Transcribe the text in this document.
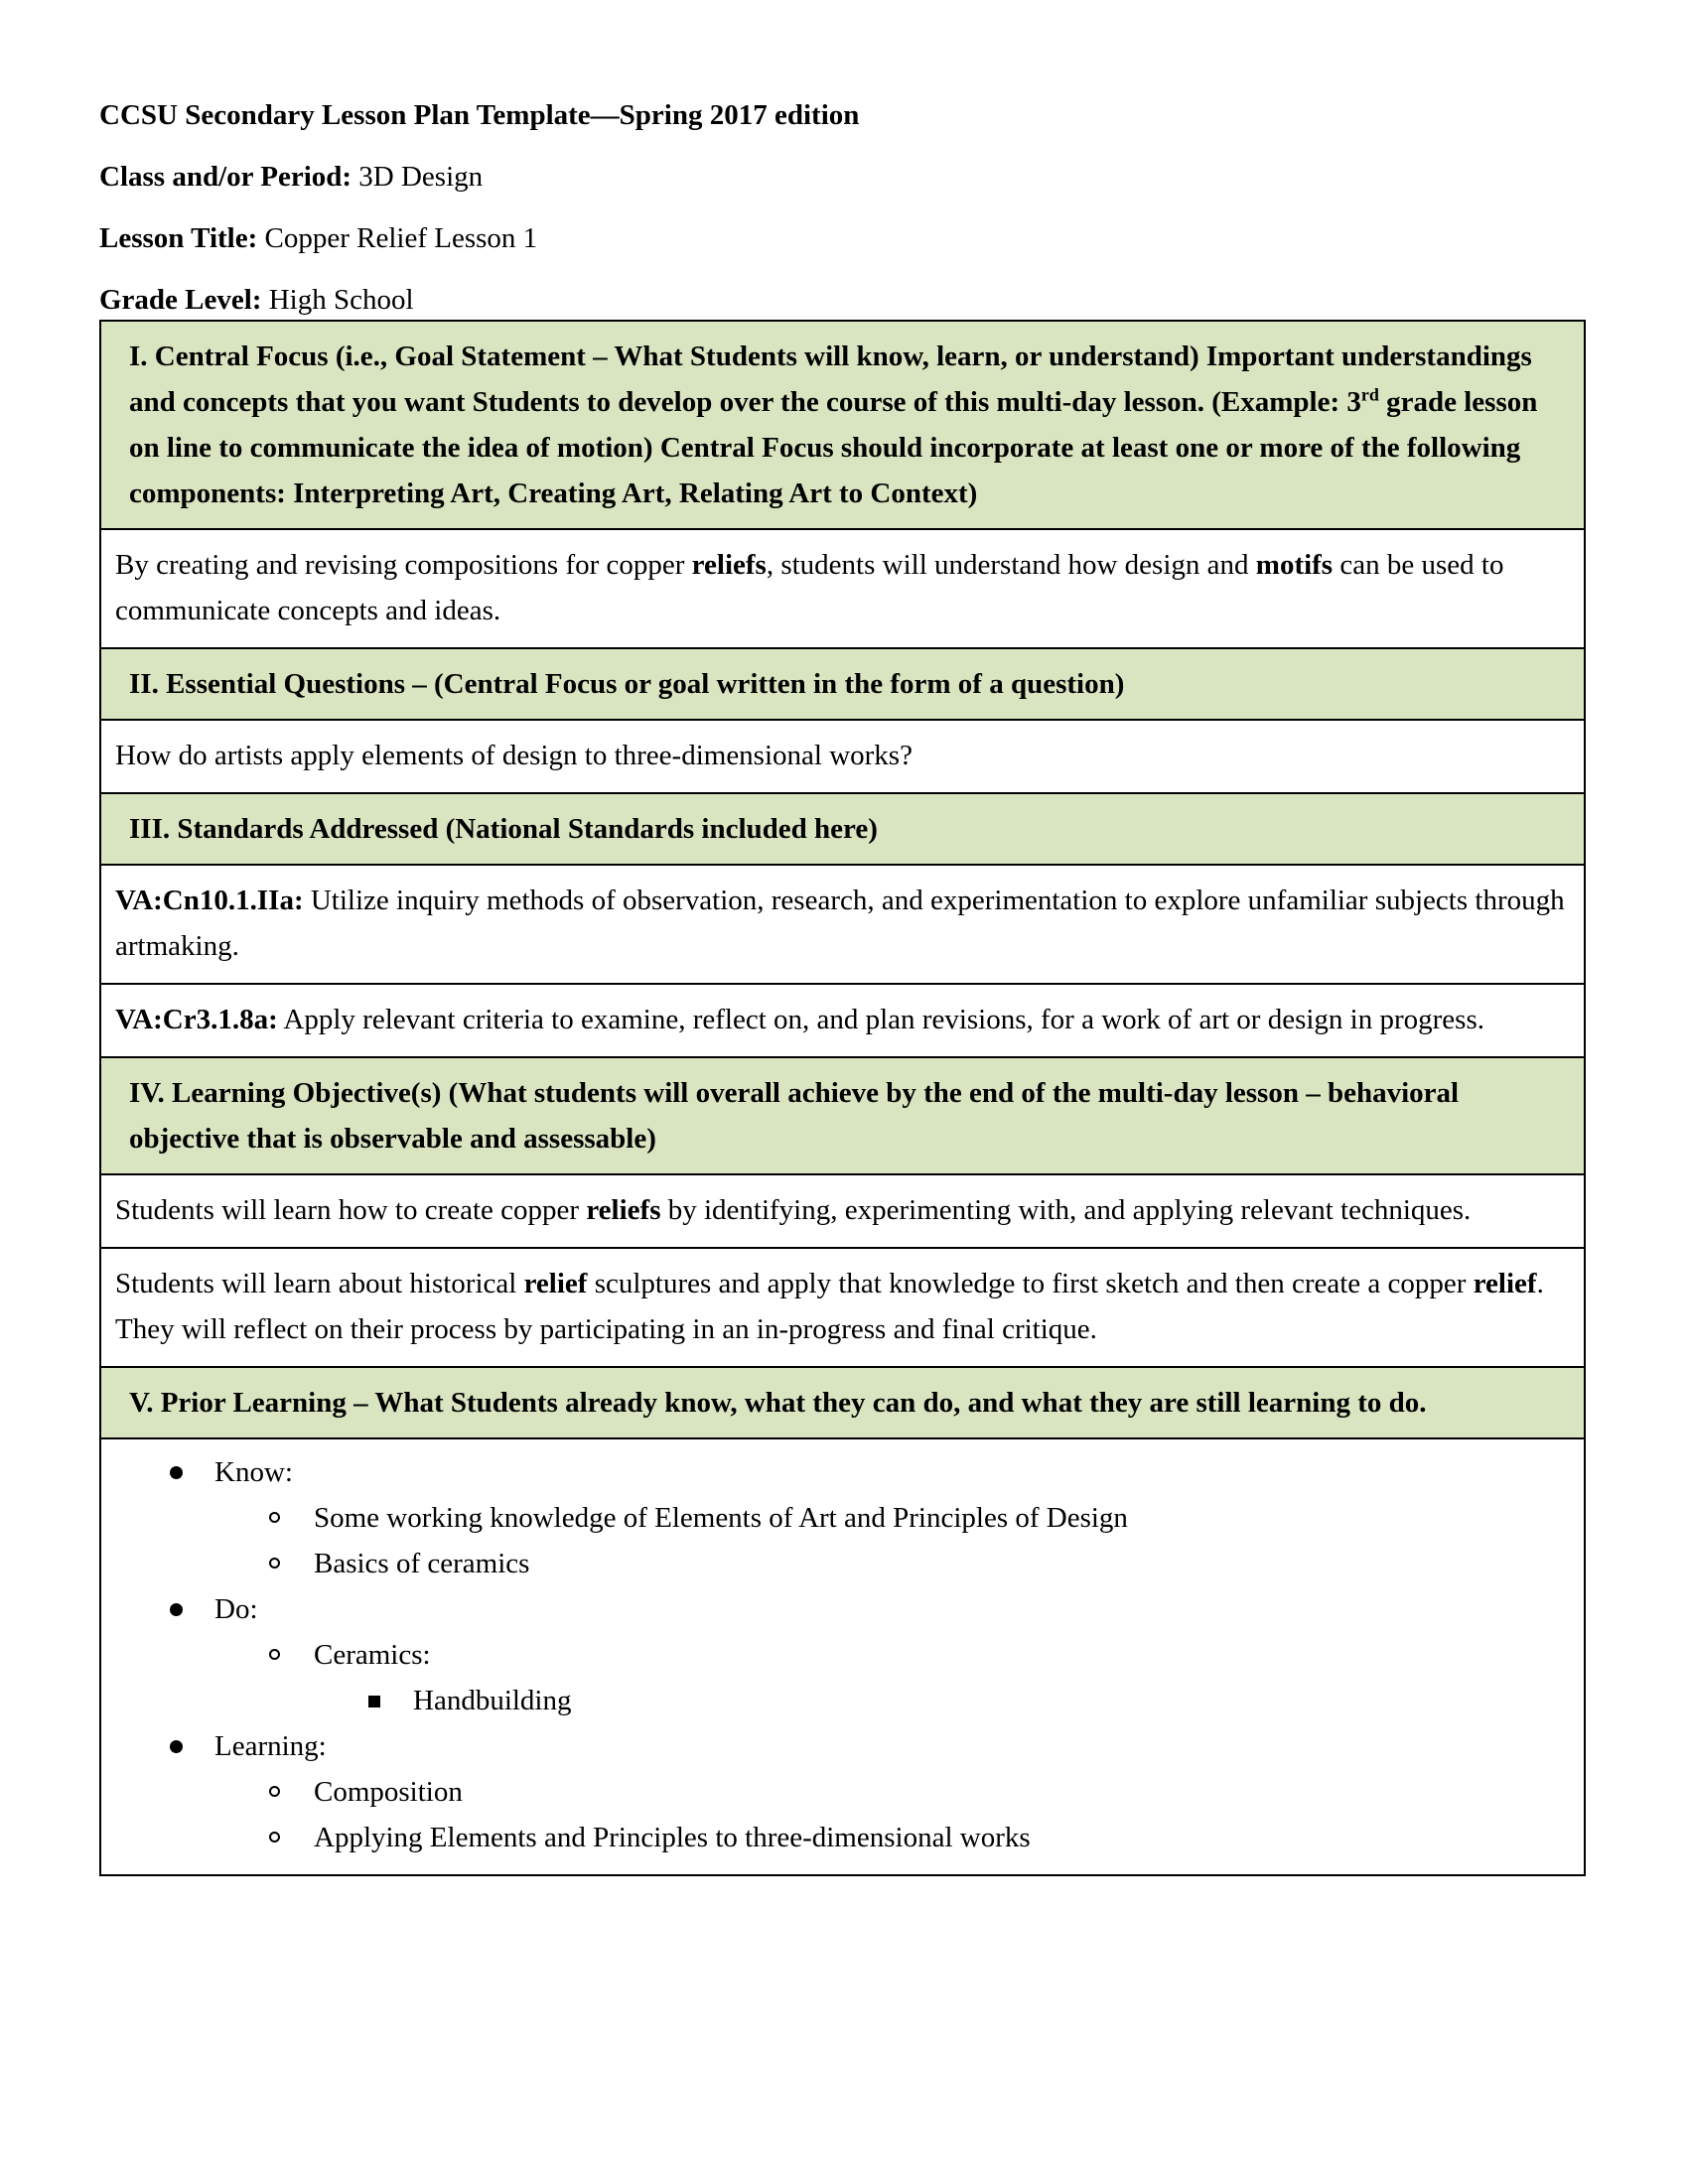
CCSU Secondary Lesson Plan Template—Spring 2017 edition
Class and/or Period: 3D Design
Lesson Title: Copper Relief Lesson 1
Grade Level: High School
I. Central Focus (i.e., Goal Statement – What Students will know, learn, or understand) Important understandings and concepts that you want Students to develop over the course of this multi-day lesson. (Example: 3rd grade lesson on line to communicate the idea of motion) Central Focus should incorporate at least one or more of the following components: Interpreting Art, Creating Art, Relating Art to Context)
By creating and revising compositions for copper reliefs, students will understand how design and motifs can be used to communicate concepts and ideas.
II. Essential Questions – (Central Focus or goal written in the form of a question)
How do artists apply elements of design to three-dimensional works?
III. Standards Addressed (National Standards included here)
VA:Cn10.1.IIa: Utilize inquiry methods of observation, research, and experimentation to explore unfamiliar subjects through artmaking.
VA:Cr3.1.8a: Apply relevant criteria to examine, reflect on, and plan revisions, for a work of art or design in progress.
IV. Learning Objective(s) (What students will overall achieve by the end of the multi-day lesson – behavioral objective that is observable and assessable)
Students will learn how to create copper reliefs by identifying, experimenting with, and applying relevant techniques.
Students will learn about historical relief sculptures and apply that knowledge to first sketch and then create a copper relief. They will reflect on their process by participating in an in-progress and final critique.
V. Prior Learning – What Students already know, what they can do, and what they are still learning to do.

Know:
Some working knowledge of Elements of Art and Principles of Design
Basics of ceramics
Do:
Ceramics:
Handbuilding
Learning:
Composition
Applying Elements and Principles to three-dimensional works
